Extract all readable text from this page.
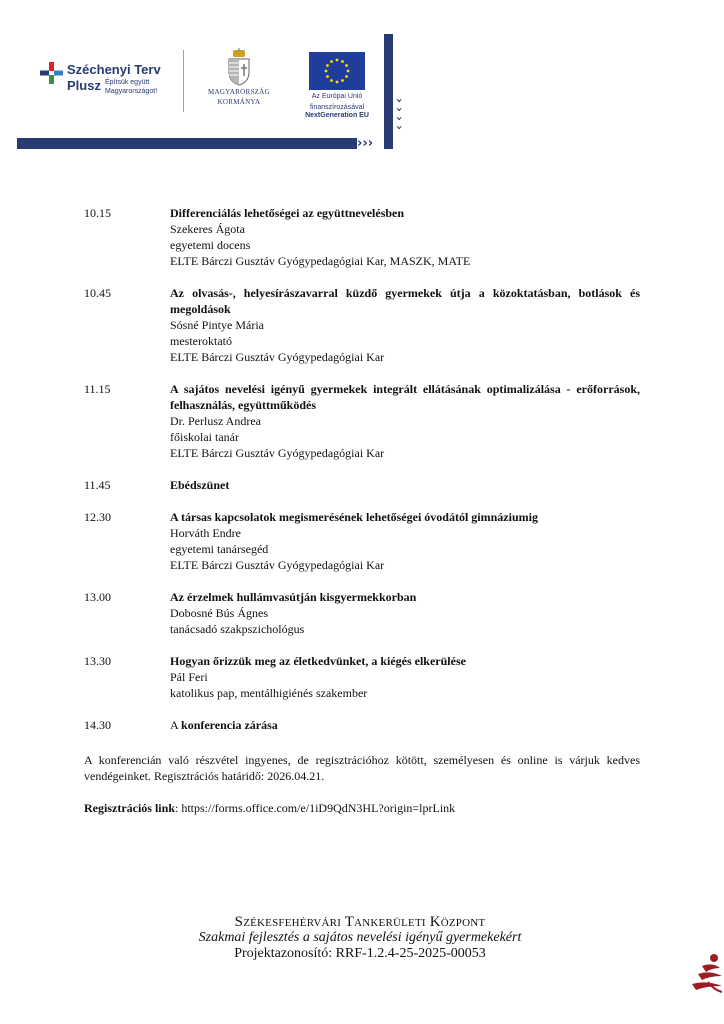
Széchenyi Terv
Plusz Építsük együtt Magyarországot!	MAGYARORSZÁG
KORMÁNYA
Az Európai Unió
finanszírozásával
NextGeneration EU
› › ›
›
›
›
›
10.15	Differenciálás lehetőségei az együttnevelésben
Szekeres Ágota
egyetemi docens
ELTE Bárczi Gusztáv Gyógypedagógiai Kar, MASZK, MATE
10.45	Az olvasás-, helyesírászavarral küzdő gyermekek útja a közoktatásban, botlások és megoldások
Sósné Pintye Mária
mesteroktató
ELTE Bárczi Gusztáv Gyógypedagógiai Kar
11.15	A sajátos nevelési igényű gyermekek integrált ellátásának optimalizálása - erőforrások, felhasználás, együttműködés
Dr. Perlusz Andrea
főiskolai tanár
ELTE Bárczi Gusztáv Gyógypedagógiai Kar
11.45	Ebédszünet
12.30	A társas kapcsolatok megismerésének lehetőségei óvodától gimnáziumig
Horváth Endre
egyetemi tanársegéd
ELTE Bárczi Gusztáv Gyógypedagógiai Kar
13.00	Az érzelmek hullámvasútján kisgyermekkorban
Dobosné Bús Ágnes
tanácsadó szakpszichológus
13.30	Hogyan őrizzük meg az életkedvünket, a kiégés elkerülése
Pál Feri
katolikus pap, mentálhigiénés szakember
14.30	A konferencia zárása
A konferencián való részvétel ingyenes, de regisztrációhoz kötött, személyesen és online is várjuk kedves vendégeinket. Regisztrációs határidő: 2026.04.21.
Regisztrációs link: https://forms.office.com/e/1iD9QdN3HL?origin=lprLink
Székesfehérvári Tankerületi Központ
Szakmai fejlesztés a sajátos nevelési igényű gyermekekért
Projektazonosító: RRF-1.2.4-25-2025-00053
